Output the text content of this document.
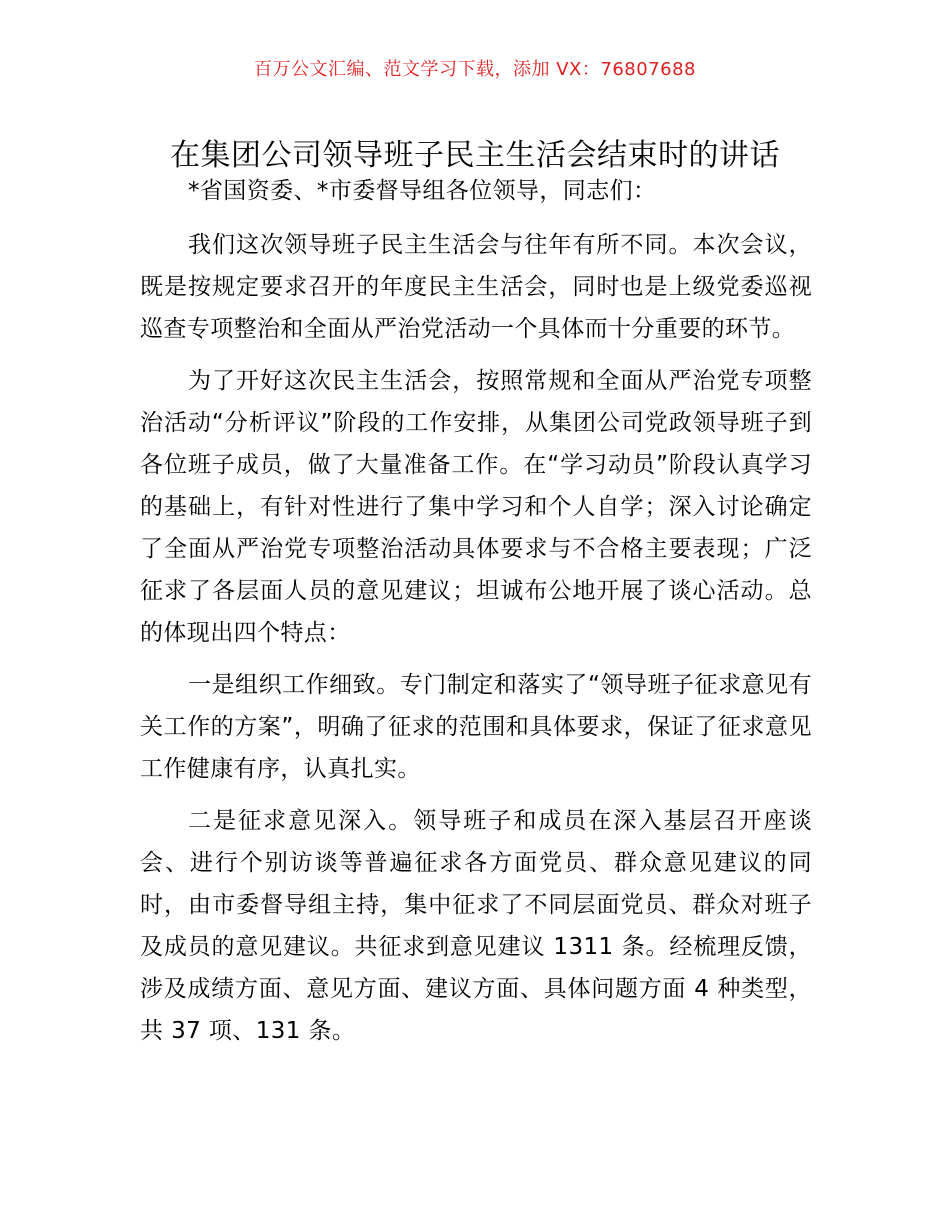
百万公文汇编、范文学习下载，添加 VX：76807688
在集团公司领导班子民主生活会结束时的讲话

*省国资委、*市委督导组各位领导，同志们：

我们这次领导班子民主生活会与往年有所不同。本次会议，既是按规定要求召开的年度民主生活会，同时也是上级党委巡视巡查专项整治和全面从严治党活动一个具体而十分重要的环节。

为了开好这次民主生活会，按照常规和全面从严治党专项整治活动“分析评议”阶段的工作安排，从集团公司党政领导班子到各位班子成员，做了大量准备工作。在“学习动员”阶段认真学习的基础上，有针对性进行了集中学习和个人自学；深入讨论确定了全面从严治党专项整治活动具体要求与不合格主要表现；广泛征求了各层面人员的意见建议；坦诚布公地开展了谈心活动。总的体现出四个特点：

一是组织工作细致。专门制定和落实了“领导班子征求意见有关工作的方案”，明确了征求的范围和具体要求，保证了征求意见工作健康有序，认真扎实。

二是征求意见深入。领导班子和成员在深入基层召开座谈会、进行个别访谈等普遍征求各方面党员、群众意见建议的同时，由市委督导组主持，集中征求了不同层面党员、群众对班子及成员的意见建议。共征求到意见建议 1311 条。经梳理反馈，涉及成绩方面、意见方面、建议方面、具体问题方面 4 种类型，共 37 项、131 条。
